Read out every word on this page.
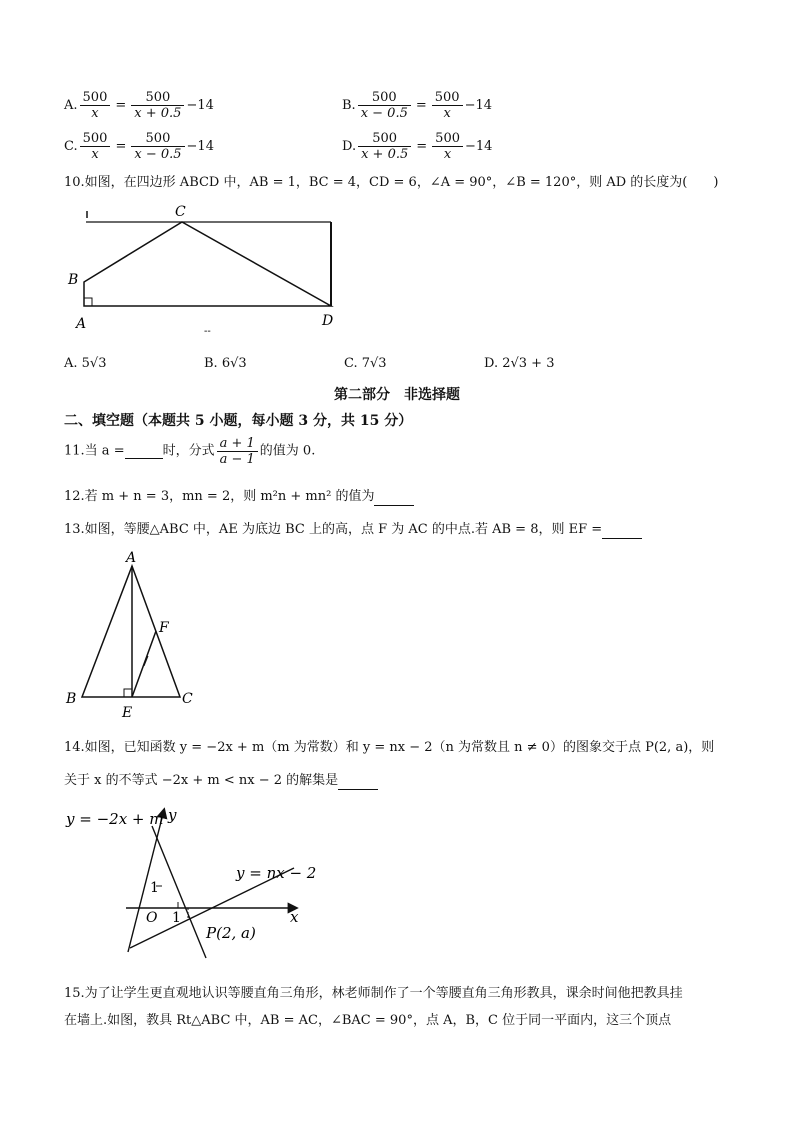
A. $\frac{500}{x} = \frac{500}{x + 0.5} -14$	B. $\frac{500}{x - 0.5} = \frac{500}{x} -14$
C. $\frac{500}{x} = \frac{500}{x - 0.5} -14$	D. $\frac{500}{x + 0.5} = \frac{500}{x} -14$
10.如图，在四边形 ABCD 中，AB = 1，BC = 4，CD = 6，∠A = 90°，∠B = 120°，则 AD 的长度为(　　)
B
A
C
D
--
A. 5√3	B. 6√3	C. 7√3	D. 2√3 + 3
第二部分　非选择题
二、填空题（本题共 5 小题，每小题 3 分，共 15 分）
11.当 a =	时，分式 $\frac{a + 1}{a - 1}$ 的值为 0.
12.若 m + n = 3，mn = 2，则 m²n + mn² 的值为
13.如图，等腰△ABC 中，AE 为底边 BC 上的高，点 F 为 AC 的中点.若 AB = 8，则 EF =
A
F
B	C
E
14.如图，已知函数 y = −2x + m（m 为常数）和 y = nx − 2（n 为常数且 n ≠ 0）的图象交于点 P(2, a)，则
关于 x 的不等式 −2x + m < nx − 2 的解集是
y = −2x + m y
y = nx − 2
x
O 1
1
P(2, a)
15.为了让学生更直观地认识等腰直角三角形，林老师制作了一个等腰直角三角形教具，课余时间他把教具挂
在墙上.如图，教具 Rt△ABC 中，AB = AC，∠BAC = 90°，点 A，B，C 位于同一平面内，这三个顶点
